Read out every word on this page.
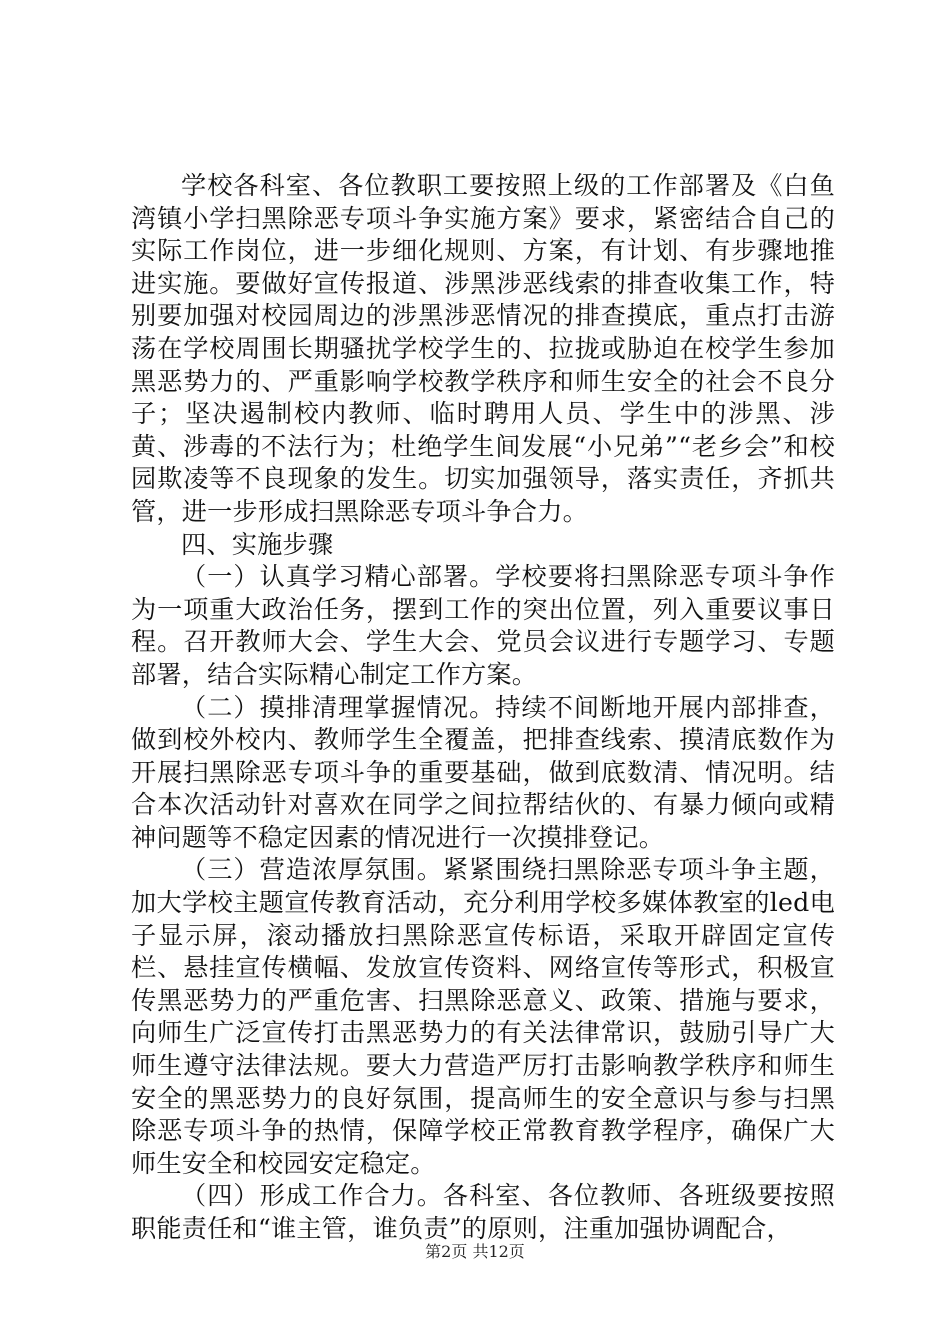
学校各科室、各位教职工要按照上级的工作部署及《白鱼湾镇小学扫黑除恶专项斗争实施方案》要求，紧密结合自己的实际工作岗位，进一步细化规则、方案，有计划、有步骤地推进实施。要做好宣传报道、涉黑涉恶线索的排查收集工作，特别要加强对校园周边的涉黑涉恶情况的排查摸底，重点打击游荡在学校周围长期骚扰学校学生的、拉拢或胁迫在校学生参加黑恶势力的、严重影响学校教学秩序和师生安全的社会不良分子；坚决遏制校内教师、临时聘用人员、学生中的涉黑、涉黄、涉毒的不法行为；杜绝学生间发展“小兄弟”“老乡会”和校园欺凌等不良现象的发生。切实加强领导，落实责任，齐抓共管，进一步形成扫黑除恶专项斗争合力。

四、实施步骤

（一）认真学习精心部署。学校要将扫黑除恶专项斗争作为一项重大政治任务，摆到工作的突出位置，列入重要议事日程。召开教师大会、学生大会、党员会议进行专题学习、专题部署，结合实际精心制定工作方案。

（二）摸排清理掌握情况。持续不间断地开展内部排查，做到校外校内、教师学生全覆盖，把排查线索、摸清底数作为开展扫黑除恶专项斗争的重要基础，做到底数清、情况明。结合本次活动针对喜欢在同学之间拉帮结伙的、有暴力倾向或精神问题等不稳定因素的情况进行一次摸排登记。

（三）营造浓厚氛围。紧紧围绕扫黑除恶专项斗争主题，加大学校主题宣传教育活动，充分利用学校多媒体教室的led电子显示屏，滚动播放扫黑除恶宣传标语，采取开辟固定宣传栏、悬挂宣传横幅、发放宣传资料、网络宣传等形式，积极宣传黑恶势力的严重危害、扫黑除恶意义、政策、措施与要求，向师生广泛宣传打击黑恶势力的有关法律常识，鼓励引导广大师生遵守法律法规。要大力营造严厉打击影响教学秩序和师生安全的黑恶势力的良好氛围，提高师生的安全意识与参与扫黑除恶专项斗争的热情，保障学校正常教育教学程序，确保广大师生安全和校园安定稳定。

（四）形成工作合力。各科室、各位教师、各班级要按照职能责任和“谁主管，谁负责”的原则，注重加强协调配合，

第2页 共12页
